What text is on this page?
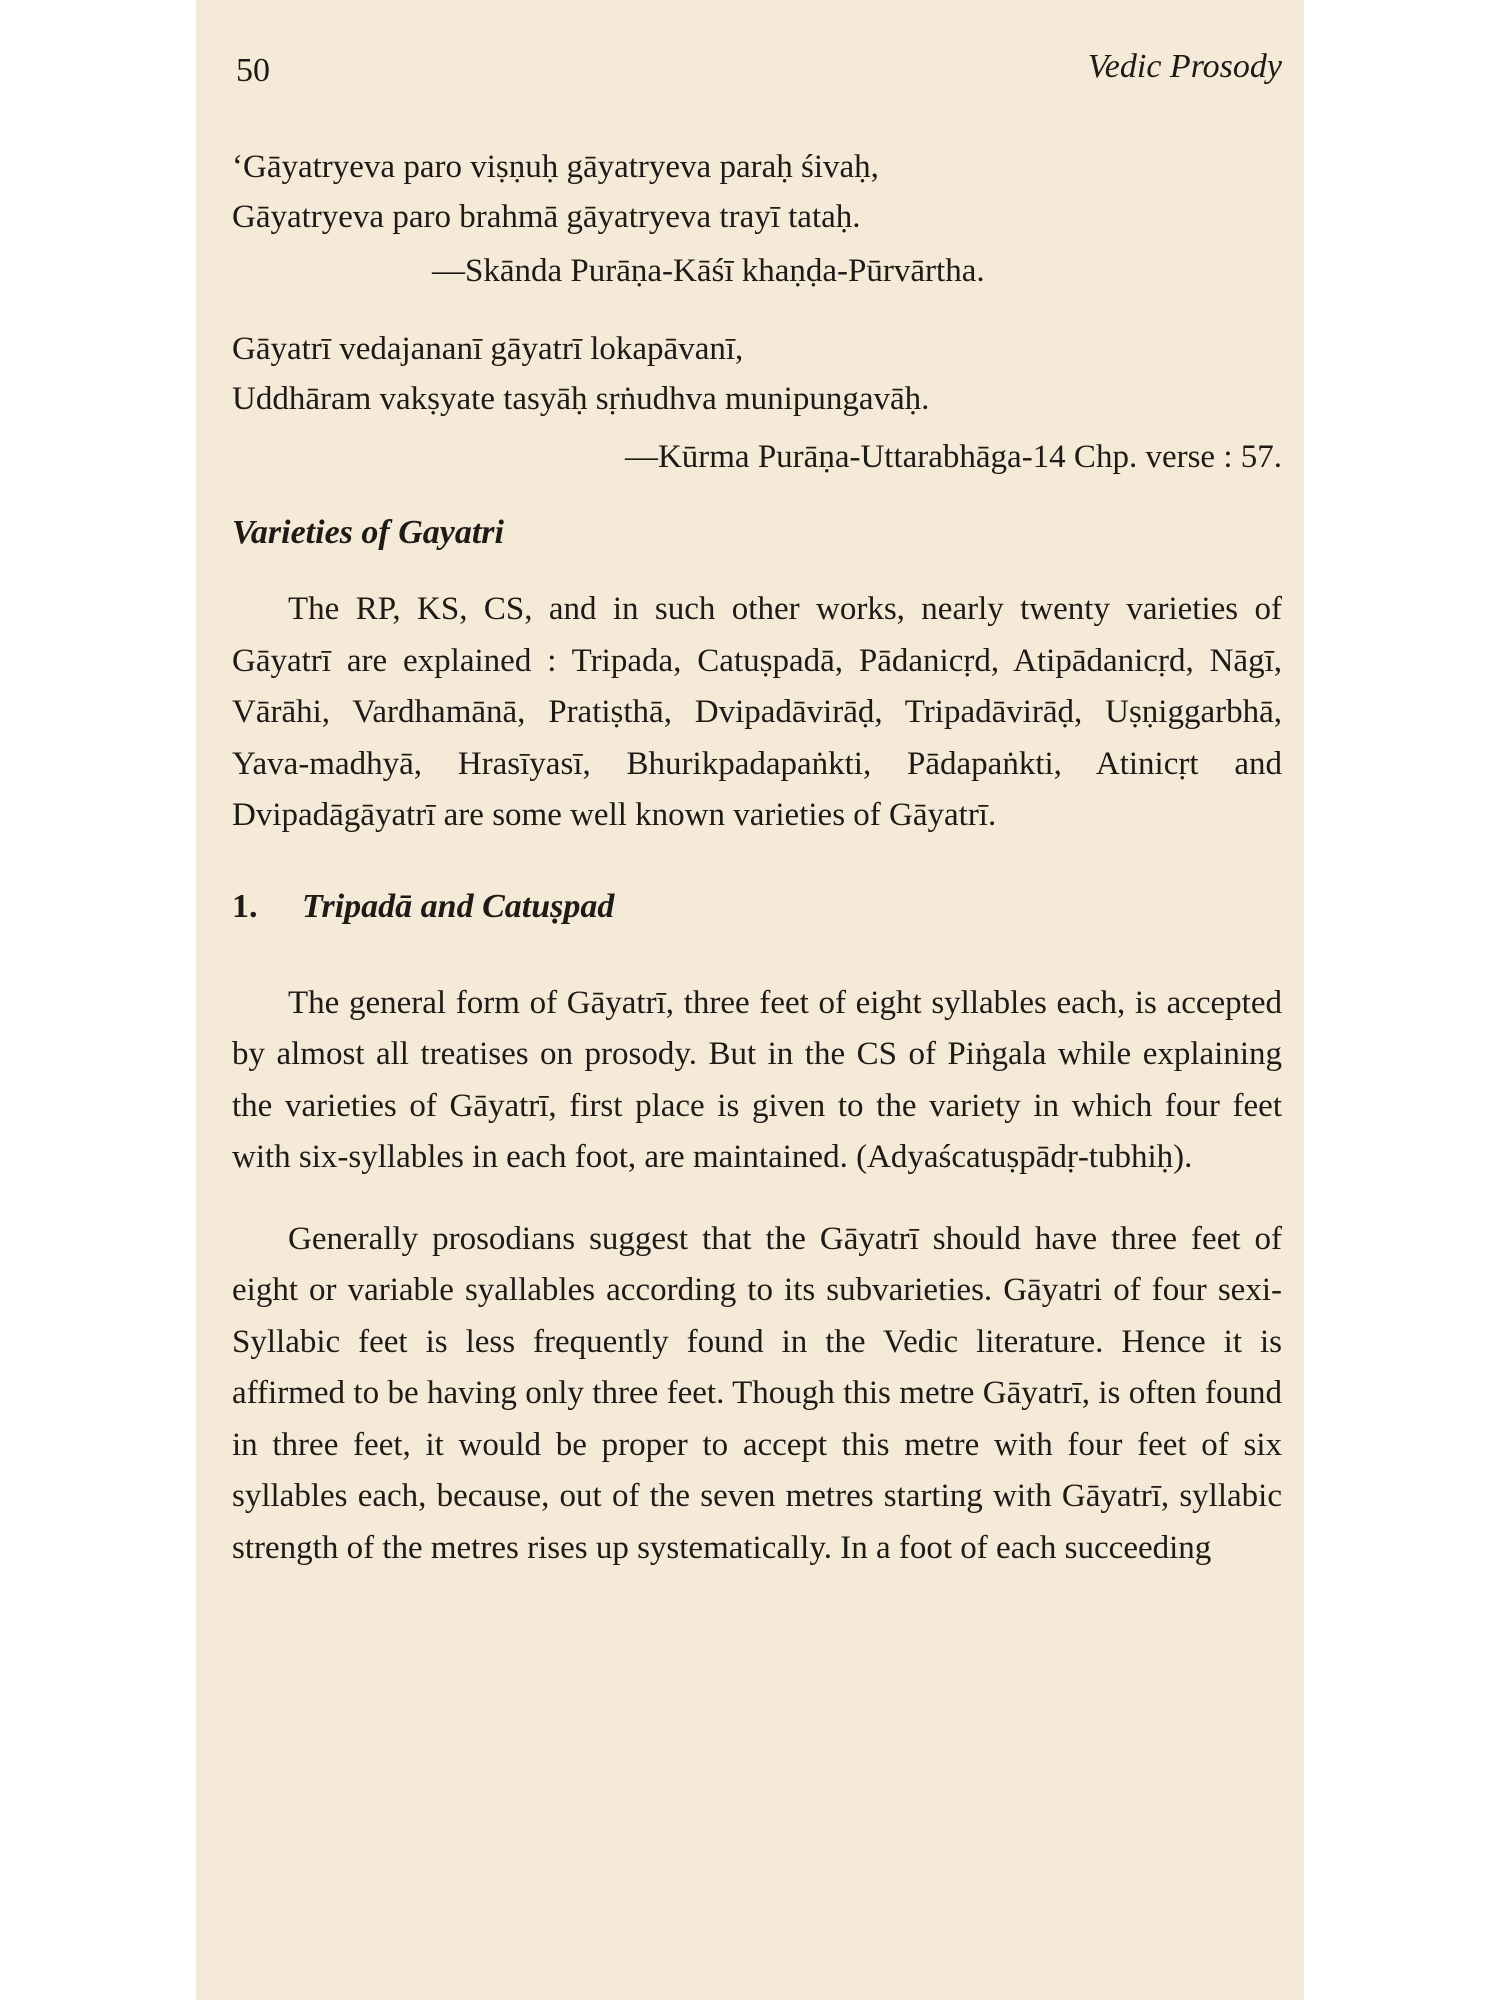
50	Vedic Prosody

‘Gāyatryeva paro viṣṇuḥ gāyatryeva paraḥ śivaḥ,

Gāyatryeva paro brahmā gāyatryeva trayī tataḥ.

—Skānda Purāṇa-Kāśī khaṇḍa-Pūrvārtha.

Gāyatrī vedajananī gāyatrī lokapāvanī,

Uddhāram vakṣyate tasyāḥ sṛṅudhva munipungavāḥ.

—Kūrma Purāṇa-Uttarabhāga-14 Chp. verse : 57.

Varieties of Gayatri

The RP, KS, CS, and in such other works, nearly twenty varieties of Gāyatrī are explained : Tripada, Catuṣpadā, Pādanicṛd, Atipādanicṛd, Nāgī, Vārāhi, Vardhamānā, Pratiṣthā, Dvipadāvirāḍ, Tripadāvirāḍ, Uṣṇiggarbhā, Yava-madhyā, Hrasīyasī, Bhurikpadapaṅkti, Pādapaṅkti, Atinicṛt and Dvipadāgāyatrī are some well known varieties of Gāyatrī.

1. Tripadā and Catuṣpad

The general form of Gāyatrī, three feet of eight syllables each, is accepted by almost all treatises on prosody. But in the CS of Piṅgala while explaining the varieties of Gāyatrī, first place is given to the variety in which four feet with six-syllables in each foot, are maintained. (Adyaścatuṣpādṛ-tubhiḥ).

Generally prosodians suggest that the Gāyatrī should have three feet of eight or variable syallables according to its subvarieties. Gāyatri of four sexi-Syllabic feet is less frequently found in the Vedic literature. Hence it is affirmed to be having only three feet. Though this metre Gāyatrī, is often found in three feet, it would be proper to accept this metre with four feet of six syllables each, because, out of the seven metres starting with Gāyatrī, syllabic strength of the metres rises up systematically. In a foot of each succeeding
